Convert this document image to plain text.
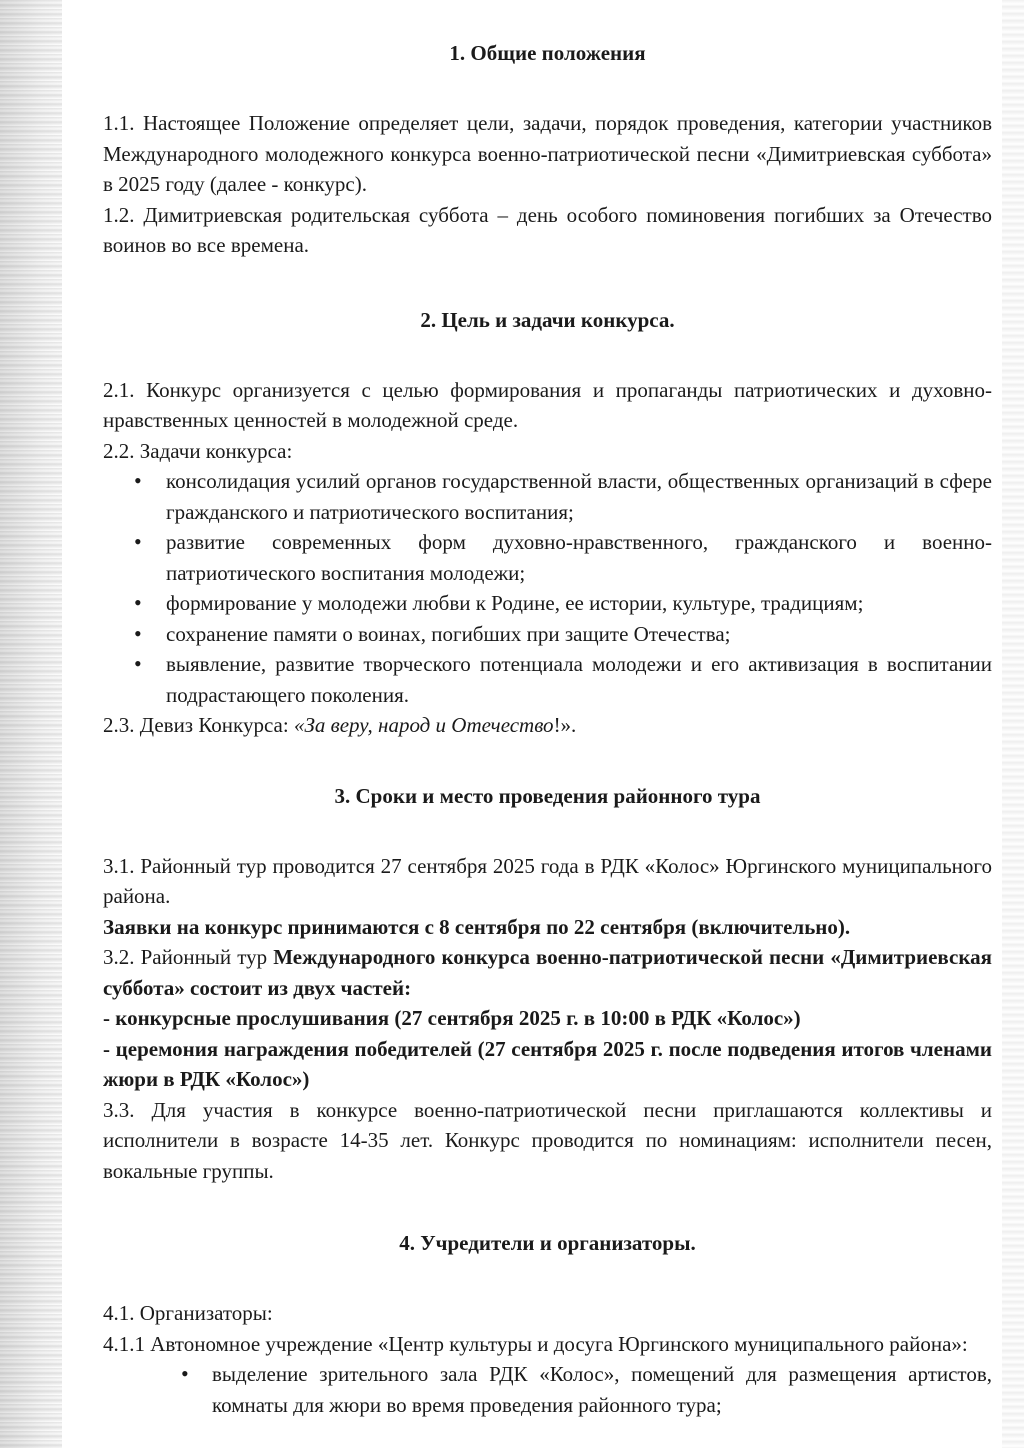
1. Общие положения

1.1. Настоящее Положение определяет цели, задачи, порядок проведения, категории участников Международного молодежного конкурса военно-патриотической песни «Димитриевская суббота» в 2025 году (далее - конкурс).

1.2. Димитриевская родительская суббота – день особого поминовения погибших за Отечество воинов во все времена.

2. Цель и задачи конкурса.

2.1. Конкурс организуется с целью формирования и пропаганды патриотических и духовно-нравственных ценностей в молодежной среде.

2.2. Задачи конкурса:

• консолидация усилий органов государственной власти, общественных организаций в сфере гражданского и патриотического воспитания;
• развитие современных форм духовно-нравственного, гражданского и военно-патриотического воспитания молодежи;
• формирование у молодежи любви к Родине, ее истории, культуре, традициям;
• сохранение памяти о воинах, погибших при защите Отечества;
• выявление, развитие творческого потенциала молодежи и его активизация в воспитании подрастающего поколения.

2.3. Девиз Конкурса: «За веру, народ и Отечество!».

3. Сроки и место проведения районного тура

3.1. Районный тур проводится 27 сентября 2025 года в РДК «Колос» Юргинского муниципального района.

Заявки на конкурс принимаются с 8 сентября по 22 сентября (включительно).

3.2. Районный тур Международного конкурса военно-патриотической песни «Димитриевская суббота» состоит из двух частей:

- конкурсные прослушивания (27 сентября 2025 г. в 10:00 в РДК «Колос»)

- церемония награждения победителей (27 сентября 2025 г. после подведения итогов членами жюри в РДК «Колос»)

3.3. Для участия в конкурсе военно-патриотической песни приглашаются коллективы и исполнители в возрасте 14-35 лет. Конкурс проводится по номинациям: исполнители песен, вокальные группы.

4. Учредители и организаторы.

4.1. Организаторы:

4.1.1 Автономное учреждение «Центр культуры и досуга Юргинского муниципального района»:

• выделение зрительного зала РДК «Колос», помещений для размещения артистов, комнаты для жюри во время проведения районного тура;
